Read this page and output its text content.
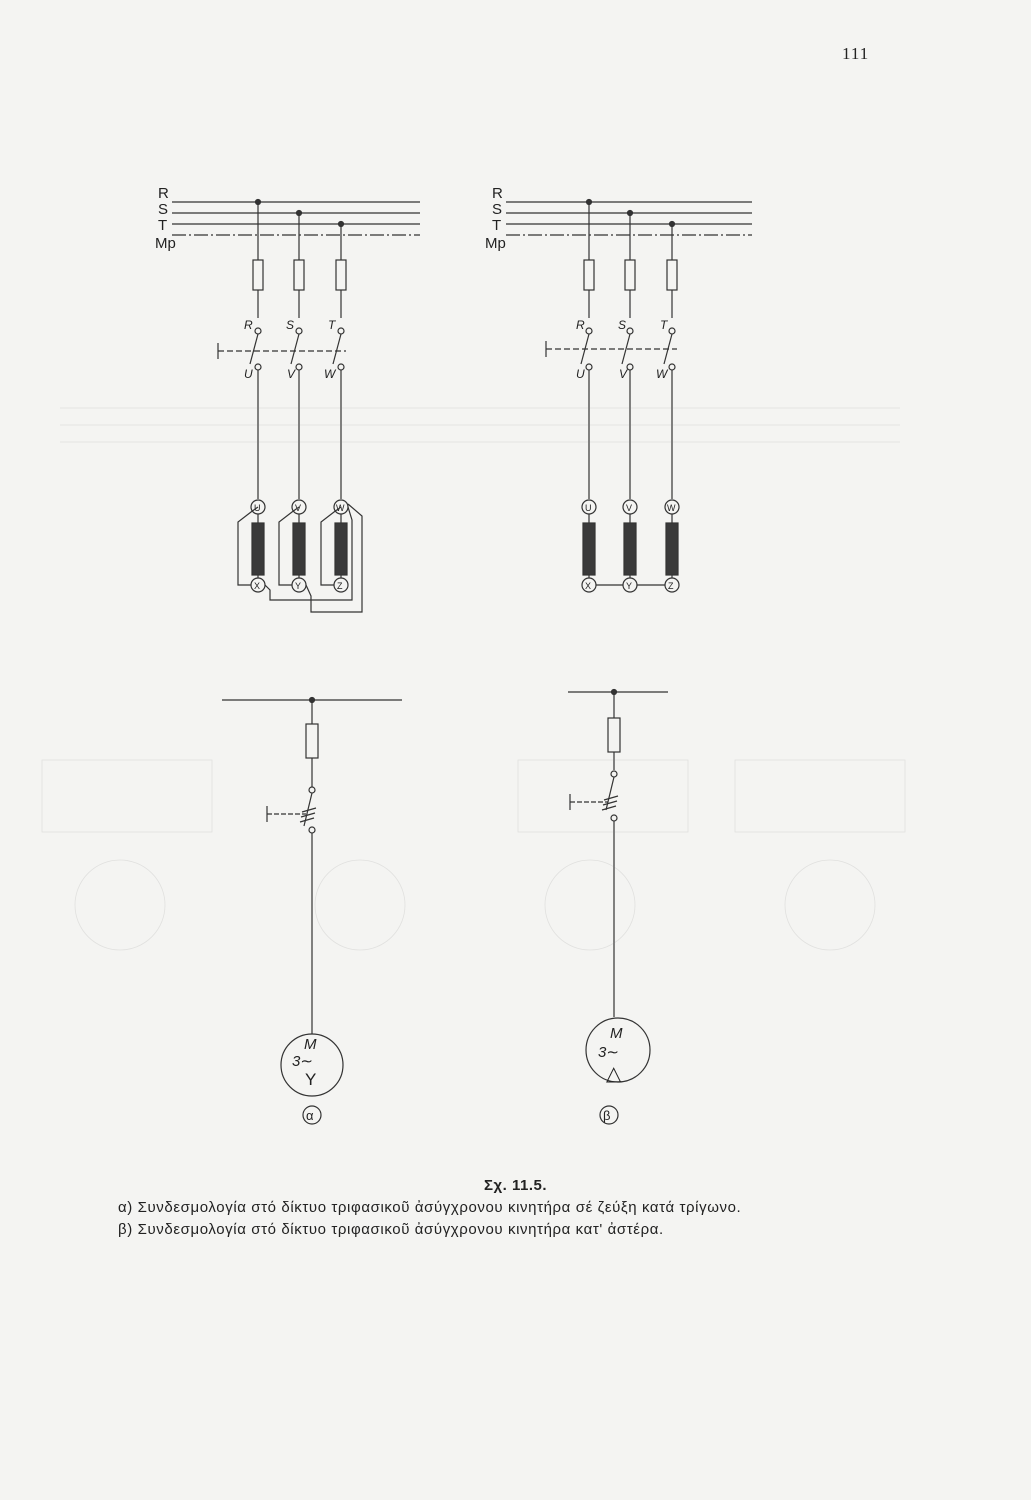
111
R
S
T
Mp
R	S	T
U	V W
U	V	W
X	Y	Z
M
3∼
Y
α
R
S
T
Mp
R	S	T
U	V W
U	V	W
X	Y	Z
M
3∼
△
β
Σχ. 11.5.
α) Συνδεσμολογία στό δίκτυο τριφασικοῦ ἀσύγχρονου κινητήρα σέ ζεύξη κατά τρίγωνο.
β) Συνδεσμολογία στό δίκτυο τριφασικοῦ ἀσύγχρονου κινητήρα κατ' ἀστέρα.
